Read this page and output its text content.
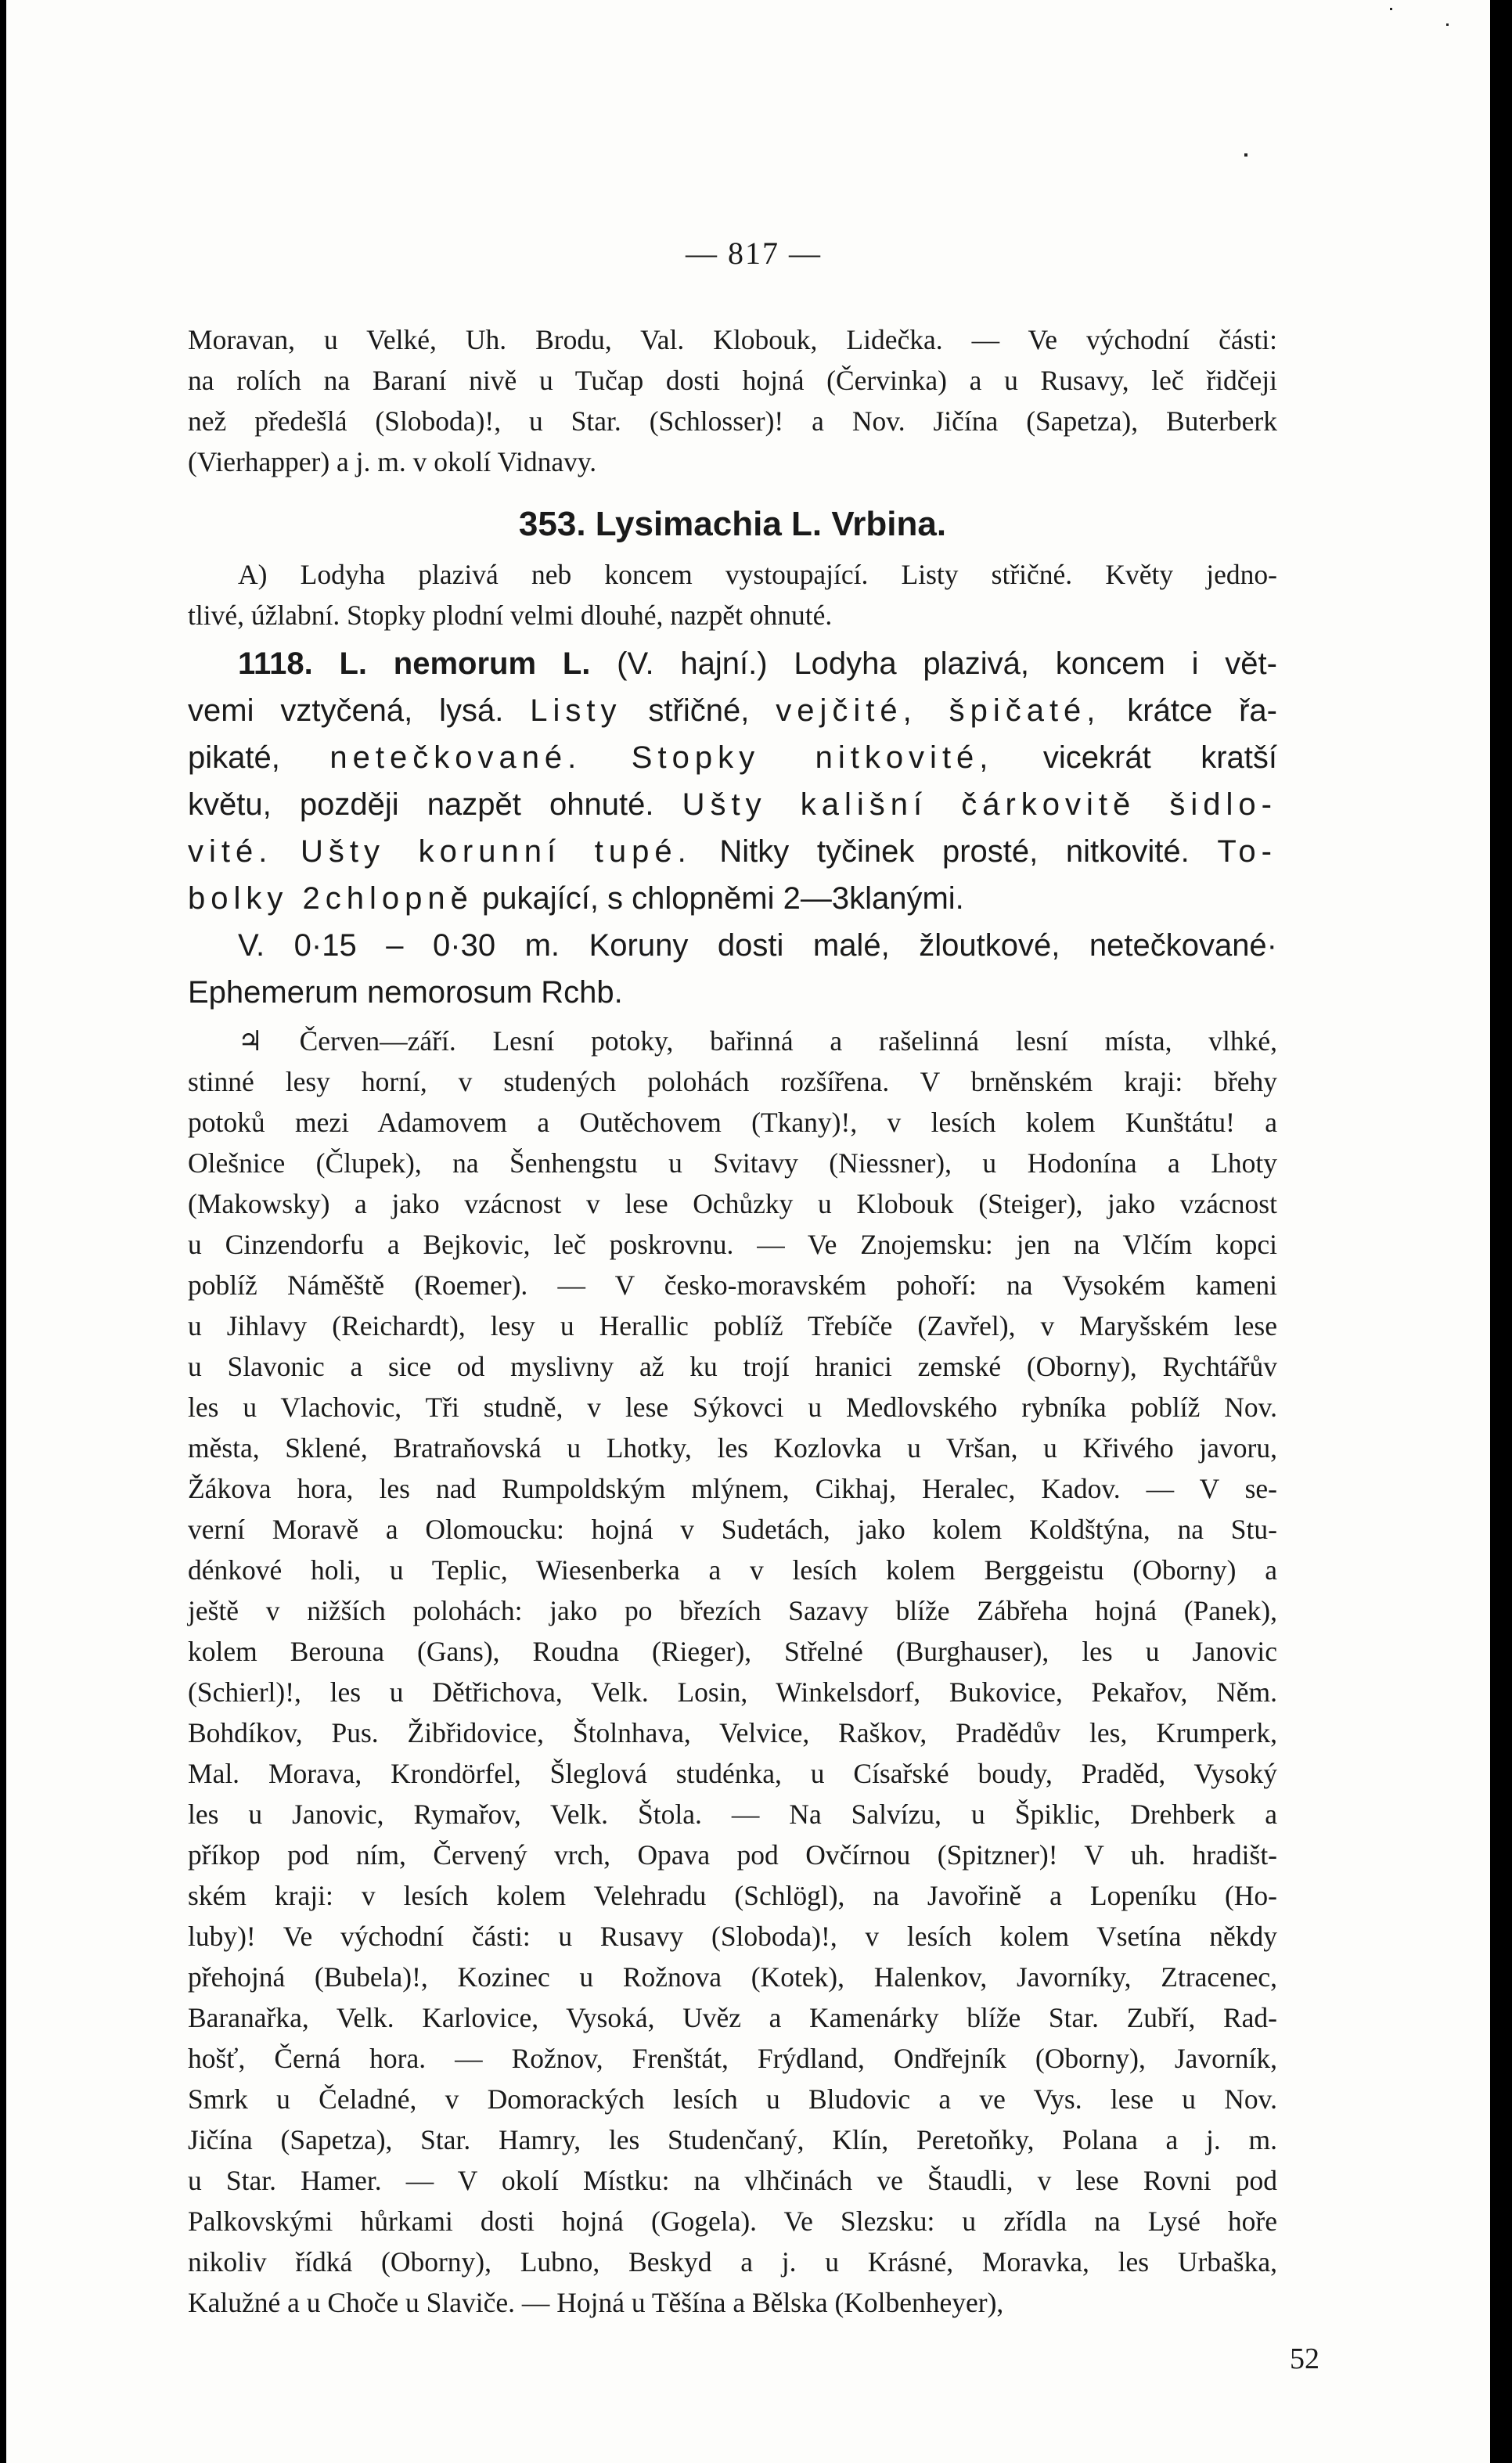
— 817 —
Moravan, u Velké, Uh. Brodu, Val. Klobouk, Lidečka. — Ve východní části:
na rolích na Baraní nivě u Tučap dosti hojná (Červinka) a u Rusavy, leč řidčeji
než předešlá (Sloboda)!, u Star. (Schlosser)! a Nov. Jičína (Sapetza), Buterberk
(Vierhapper) a j. m. v okolí Vidnavy.
353. Lysimachia L. Vrbina.
A) Lodyha plazivá neb koncem vystoupající. Listy střičné. Květy jedno-
tlivé, úžlabní. Stopky plodní velmi dlouhé, nazpět ohnuté.
1118. L. nemorum L. (V. hajní.) Lodyha plazivá, koncem i vět-
vemi vztyčená, lysá. Listy střičné, vejčité, špičaté, krátce řa-
pikaté, netečkované. Stopky nitkovité, vicekrát kratší
květu, později nazpět ohnuté. Ušty kališní čárkovitě šidlo-
vité. Ušty korunní tupé. Nitky tyčinek prosté, nitkovité. To-
bolky 2chlopně pukající, s chlopněmi 2—3klanými.
V. 0·15 – 0·30 m. Koruny dosti malé, žloutkové, netečkované·
Ephemerum nemorosum Rchb.
♃ Červen—září. Lesní potoky, bařinná a rašelinná lesní místa, vlhké,
stinné lesy horní, v studených polohách rozšířena. V brněnském kraji: břehy
potoků mezi Adamovem a Outěchovem (Tkany)!, v lesích kolem Kunštátu! a
Olešnice (Člupek), na Šenhengstu u Svitavy (Niessner), u Hodonína a Lhoty
(Makowsky) a jako vzácnost v lese Ochůzky u Klobouk (Steiger), jako vzácnost
u Cinzendorfu a Bejkovic, leč poskrovnu. — Ve Znojemsku: jen na Vlčím kopci
poblíž Náměště (Roemer). — V česko-moravském pohoří: na Vysokém kameni
u Jihlavy (Reichardt), lesy u Herallic poblíž Třebíče (Zavřel), v Maryšském lese
u Slavonic a sice od myslivny až ku trojí hranici zemské (Oborny), Rychtářův
les u Vlachovic, Tři studně, v lese Sýkovci u Medlovského rybníka poblíž Nov.
města, Sklené, Bratraňovská u Lhotky, les Kozlovka u Vršan, u Křivého javoru,
Žákova hora, les nad Rumpoldským mlýnem, Cikhaj, Heralec, Kadov. — V se-
verní Moravě a Olomoucku: hojná v Sudetách, jako kolem Koldštýna, na Stu-
dénkové holi, u Teplic, Wiesenberka a v lesích kolem Berggeistu (Oborny) a
ještě v nižších polohách: jako po březích Sazavy blíže Zábřeha hojná (Panek),
kolem Berouna (Gans), Roudna (Rieger), Střelné (Burghauser), les u Janovic
(Schierl)!, les u Dětřichova, Velk. Losin, Winkelsdorf, Bukovice, Pekařov, Něm.
Bohdíkov, Pus. Žibřidovice, Štolnhava, Velvice, Raškov, Pradědův les, Krumperk,
Mal. Morava, Krondörfel, Šleglová studénka, u Císařské boudy, Praděd, Vysoký
les u Janovic, Rymařov, Velk. Štola. — Na Salvízu, u Špiklic, Drehberk a
příkop pod ním, Červený vrch, Opava pod Ovčírnou (Spitzner)! V uh. hradišt-
ském kraji: v lesích kolem Velehradu (Schlögl), na Javořině a Lopeníku (Ho-
luby)! Ve východní části: u Rusavy (Sloboda)!, v lesích kolem Vsetína někdy
přehojná (Bubela)!, Kozinec u Rožnova (Kotek), Halenkov, Javorníky, Ztracenec,
Baranařka, Velk. Karlovice, Vysoká, Uvěz a Kamenárky blíže Star. Zubří, Rad-
hošť, Černá hora. — Rožnov, Frenštát, Frýdland, Ondřejník (Oborny), Javorník,
Smrk u Čeladné, v Domorackých lesích u Bludovic a ve Vys. lese u Nov.
Jičína (Sapetza), Star. Hamry, les Studenčaný, Klín, Peretoňky, Polana a j. m.
u Star. Hamer. — V okolí Místku: na vlhčinách ve Štaudli, v lese Rovni pod
Palkovskými hůrkami dosti hojná (Gogela). Ve Slezsku: u zřídla na Lysé hoře
nikoliv řídká (Oborny), Lubno, Beskyd a j. u Krásné, Moravka, les Urbaška,
Kalužné a u Choče u Slaviče. — Hojná u Těšína a Bělska (Kolbenheyer),
52
